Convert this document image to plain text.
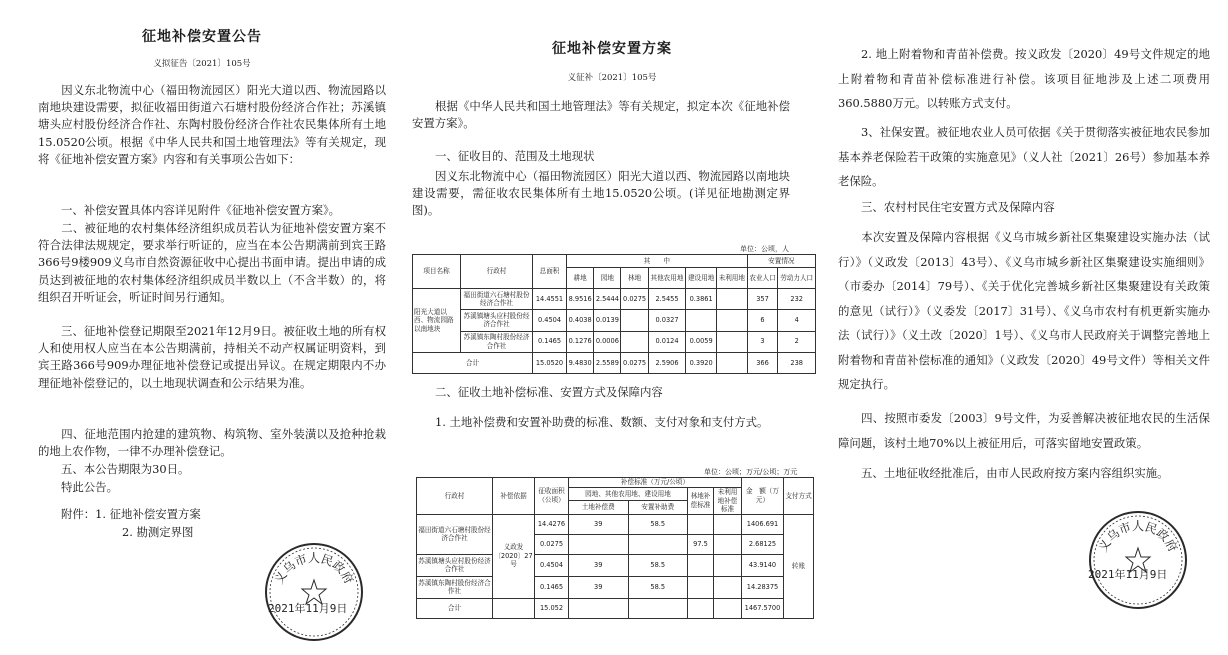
征地补偿安置公告
义拟征告〔2021〕105号
因义东北物流中心（福田物流园区）阳光大道以西、物流园路以南地块建设需要，拟征收福田街道六石塘村股份经济合作社；苏溪镇塘头应村股份经济合作社、东陶村股份经济合作社农民集体所有土地15.0520公顷。根据《中华人民共和国土地管理法》等有关规定，现将《征地补偿安置方案》内容和有关事项公告如下：
一、补偿安置具体内容详见附件《征地补偿安置方案》。
二、被征地的农村集体经济组织成员若认为征地补偿安置方案不符合法律法规规定，要求举行听证的，应当在本公告期满前到宾王路366号9楼909义乌市自然资源征收中心提出书面申请。提出申请的成员达到被征地的农村集体经济组织成员半数以上（不含半数）的，将组织召开听证会，听证时间另行通知。
三、征地补偿登记期限至2021年12月9日。被征收土地的所有权人和使用权人应当在本公告期满前，持相关不动产权属证明资料，到宾王路366号909办理征地补偿登记或提出异议。在规定期限内不办理征地补偿登记的，以土地现状调查和公示结果为准。
四、征地范围内抢建的建筑物、构筑物、室外装潢以及抢种抢栽的地上农作物，一律不办理补偿登记。
五、本公告期限为30日。
特此公告。
附件：1. 征地补偿安置方案
2. 勘测定界图
义乌市人民政府
2021年11月9日
征地补偿安置方案
义征补〔2021〕105号
根据《中华人民共和国土地管理法》等有关规定，拟定本次《征地补偿安置方案》。
一、征收目的、范围及土地现状
因义东北物流中心（福田物流园区）阳光大道以西、物流园路以南地块建设需要，需征收农民集体所有土地15.0520公顷。(详见征地勘测定界图)。
单位：公顷，人
项目名称	行政村	总面积	其　　中						安置情况	
			耕地	园地	林地	其他农用地	建设用地	未利用地	农业人口	劳动力人口
阳光大道以西、物流园路以南地块	福田街道六石塘村股份经济合作社	14.4551	8.9516	2.5444	0.0275	2.5455	0.3861		357	232
	苏溪镇塘头应村股份经济合作社	0.4504	0.4038	0.0139		0.0327			6	4
	苏溪镇东陶村股份经济合作社	0.1465	0.1276	0.0006		0.0124	0.0059		3	2
合计		15.0520	9.4830	2.5589	0.0275	2.5906	0.3920		366	238
二、征收土地补偿标准、安置方式及保障内容
1. 土地补偿费和安置补助费的标准、数额、支付对象和支付方式。
单位：公顷；万元/公顷；万元
行政村	补偿依据	征收面积（公顷）	补偿标准（万元/公顷）				金　额（万元）	支付方式
			园地、其他农用地、建设用地		林地补偿标准	未利用地补偿标准		
			土地补偿费	安置补助费				
福田街道六石塘村股份经济合作社	义政发〔2020〕27号	14.4276	39	58.5			1406.691	转账
		0.0275			97.5		2.68125	
苏溪镇塘头应村股份经济合作社		0.4504	39	58.5			43.9140	
苏溪镇东陶村股份经济合作社		0.1465	39	58.5			14.28375	
合计		15.052					1467.5700	
2. 地上附着物和青苗补偿费。按义政发〔2020〕49号文件规定的地上附着物和青苗补偿标准进行补偿。该项目征地涉及上述二项费用360.5880万元。以转账方式支付。
3、社保安置。被征地农业人员可依据《关于贯彻落实被征地农民参加基本养老保险若干政策的实施意见》（义人社〔2021〕26号）参加基本养老保险。
三、农村村民住宅安置方式及保障内容
本次安置及保障内容根据《义乌市城乡新社区集聚建设实施办法（试行）》（义政发〔2013〕43号）、《义乌市城乡新社区集聚建设实施细则》（市委办〔2014〕79号）、《关于优化完善城乡新社区集聚建设有关政策的意见（试行）》（义委发〔2017〕31号）、《义乌市农村有机更新实施办法（试行）》（义土改〔2020〕1号）、《义乌市人民政府关于调整完善地上附着物和青苗补偿标准的通知》（义政发〔2020〕49号文件）等相关文件规定执行。
四、按照市委发〔2003〕9号文件，为妥善解决被征地农民的生活保障问题，该村土地70%以上被征用后，可落实留地安置政策。
五、土地征收经批准后，由市人民政府按方案内容组织实施。
义乌市人民政府
2021年11月9日
